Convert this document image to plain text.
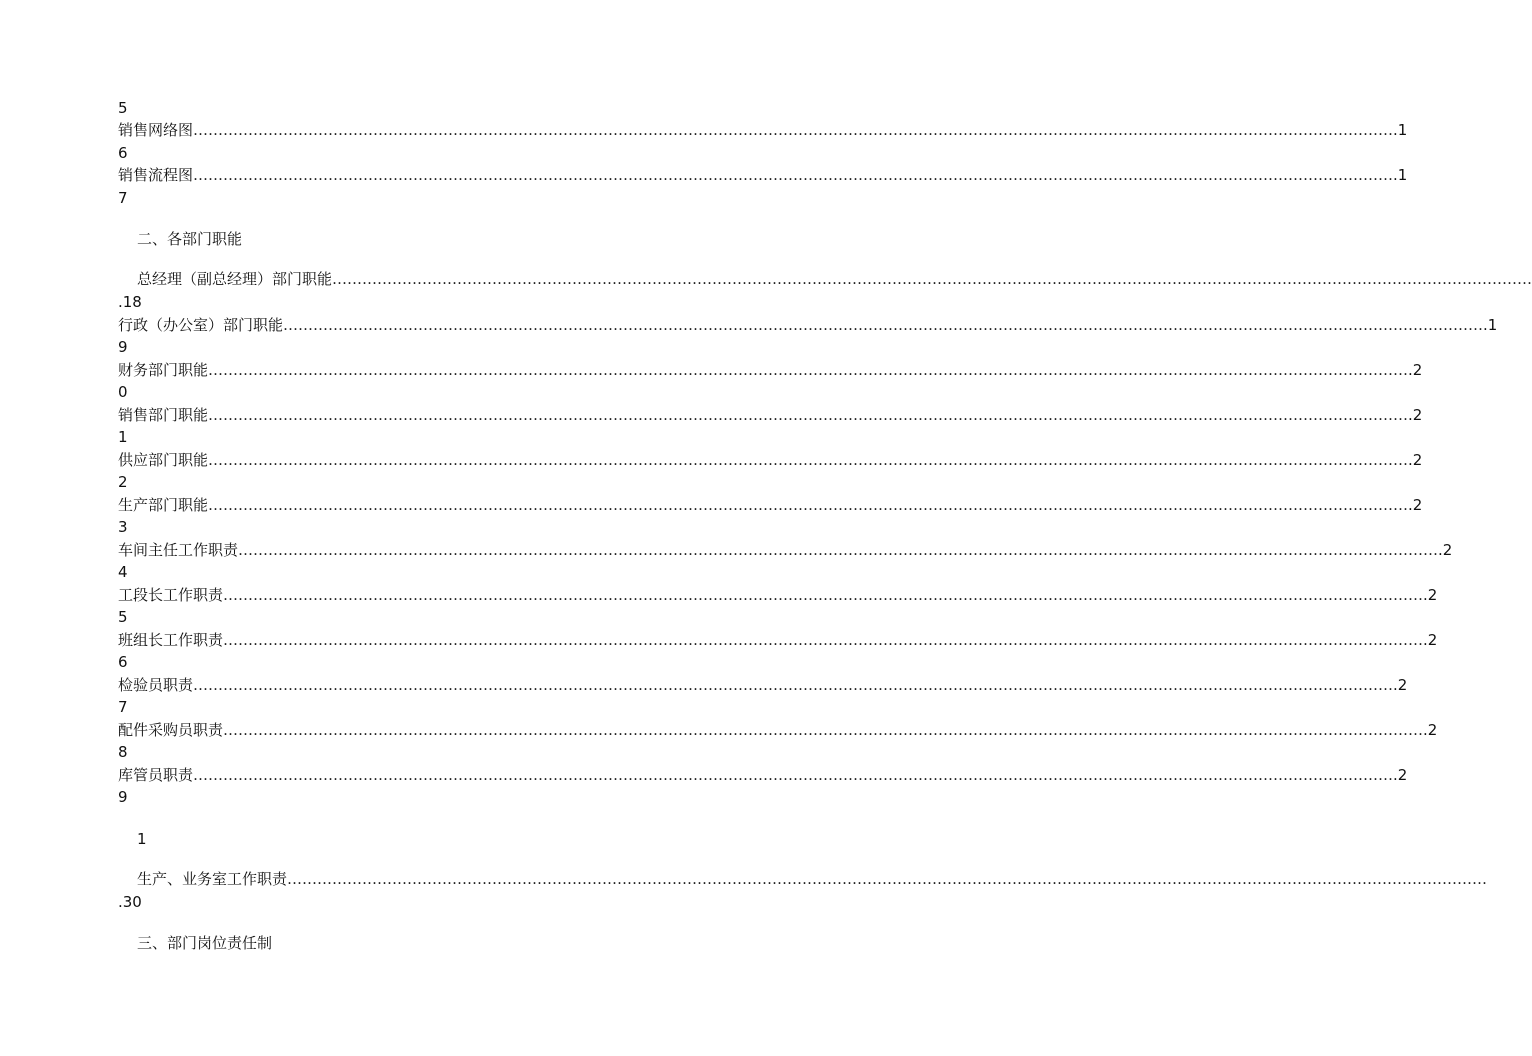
5
销售网络图 …………………………………………………………………………………………………………………………………………………………………………………………………………………… .1
6
销售流程图 …………………………………………………………………………………………………………………………………………………………………………………………………………………… .1
7
二、各部门职能
总经理（副总经理）部门职能 ……………………………………………………………………………………………………………………………………………………………………………………………………………………
.18
行政（办公室）部门职能 …………………………………………………………………………………………………………………………………………………………………………………………………………………… .1
9
财务部门职能 …………………………………………………………………………………………………………………………………………………………………………………………………………………… .2
0
销售部门职能 …………………………………………………………………………………………………………………………………………………………………………………………………………………… .2
1
供应部门职能 …………………………………………………………………………………………………………………………………………………………………………………………………………………… .2
2
生产部门职能 …………………………………………………………………………………………………………………………………………………………………………………………………………………… .2
3
车间主任工作职责 …………………………………………………………………………………………………………………………………………………………………………………………………………………… .2
4
工段长工作职责 …………………………………………………………………………………………………………………………………………………………………………………………………………………… .2
5
班组长工作职责 …………………………………………………………………………………………………………………………………………………………………………………………………………………… .2
6
检验员职责 …………………………………………………………………………………………………………………………………………………………………………………………………………………… .2
7
配件采购员职责 …………………………………………………………………………………………………………………………………………………………………………………………………………………… .2
8
库管员职责 …………………………………………………………………………………………………………………………………………………………………………………………………………………… .2
9
1
生产、业务室工作职责 ……………………………………………………………………………………………………………………………………………………………………………………………………………………
.30
三、部门岗位责任制
